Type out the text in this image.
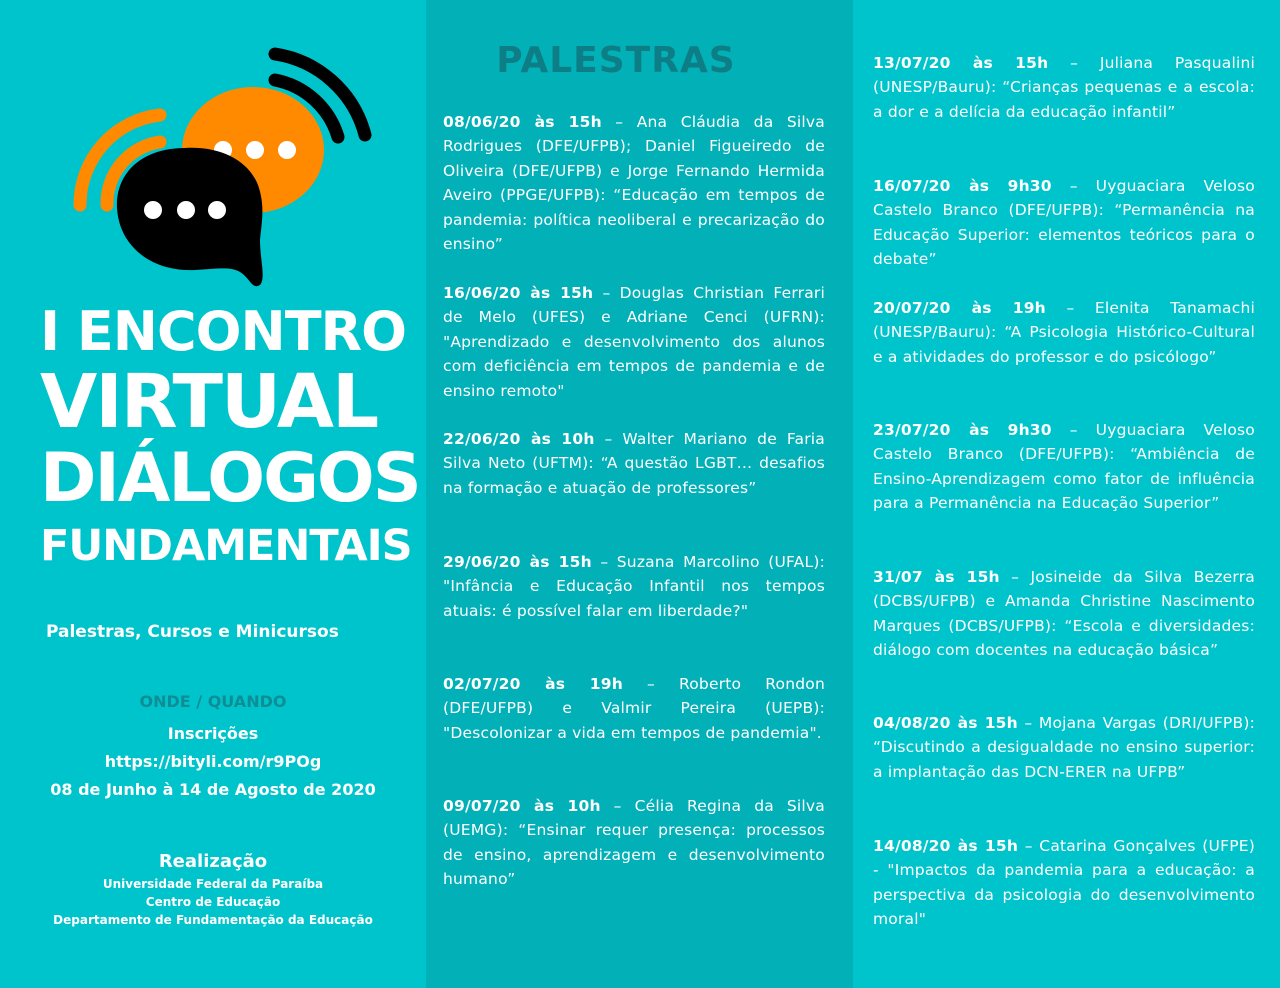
I ENCONTRO
VIRTUAL
DIÁLOGOS
FUNDAMENTAIS
Palestras, Cursos e Minicursos
ONDE / QUANDO
Inscrições
https://bityli.com/r9POg
08 de Junho à 14 de Agosto de 2020
Realização
Universidade Federal da Paraíba
Centro de Educação
Departamento de Fundamentação da Educação
PALESTRAS
08/06/20 às 15h – Ana Cláudia da Silva Rodrigues (DFE/UFPB); Daniel Figueiredo de Oliveira (DFE/UFPB) e Jorge Fernando Hermida Aveiro (PPGE/UFPB): “Educação em tempos de pandemia: política neoliberal e precarização do ensino”
16/06/20 às 15h – Douglas Christian Ferrari de Melo (UFES) e Adriane Cenci (UFRN): "Aprendizado e desenvolvimento dos alunos com deficiência em tempos de pandemia e de ensino remoto"
22/06/20 às 10h – Walter Mariano de Faria Silva Neto (UFTM): “A questão LGBT… desafios na formação e atuação de professores”
29/06/20 às 15h – Suzana Marcolino (UFAL): "Infância e Educação Infantil nos tempos atuais: é possível falar em liberdade?"
02/07/20 às 19h – Roberto Rondon (DFE/UFPB) e Valmir Pereira (UEPB): "Descolonizar a vida em tempos de pandemia".
09/07/20 às 10h – Célia Regina da Silva (UEMG): “Ensinar requer presença: processos de ensino, aprendizagem e desenvolvimento humano”
13/07/20 às 15h – Juliana Pasqualini (UNESP/Bauru): “Crianças pequenas e a escola: a dor e a delícia da educação infantil”
16/07/20 às 9h30 – Uyguaciara Veloso Castelo Branco (DFE/UFPB): “Permanência na Educação Superior: elementos teóricos para o debate”
20/07/20 às 19h – Elenita Tanamachi (UNESP/Bauru): “A Psicologia Histórico-Cultural e a atividades do professor e do psicólogo”
23/07/20 às 9h30 – Uyguaciara Veloso Castelo Branco (DFE/UFPB): “Ambiência de Ensino-Aprendizagem como fator de influência para a Permanência na Educação Superior”
31/07 às 15h – Josineide da Silva Bezerra (DCBS/UFPB) e Amanda Christine Nascimento Marques (DCBS/UFPB): “Escola e diversidades: diálogo com docentes na educação básica”
04/08/20 às 15h – Mojana Vargas (DRI/UFPB): “Discutindo a desigualdade no ensino superior: a implantação das DCN-ERER na UFPB”
14/08/20 às 15h – Catarina Gonçalves (UFPE) - "Impactos da pandemia para a educação: a perspectiva da psicologia do desenvolvimento moral"
